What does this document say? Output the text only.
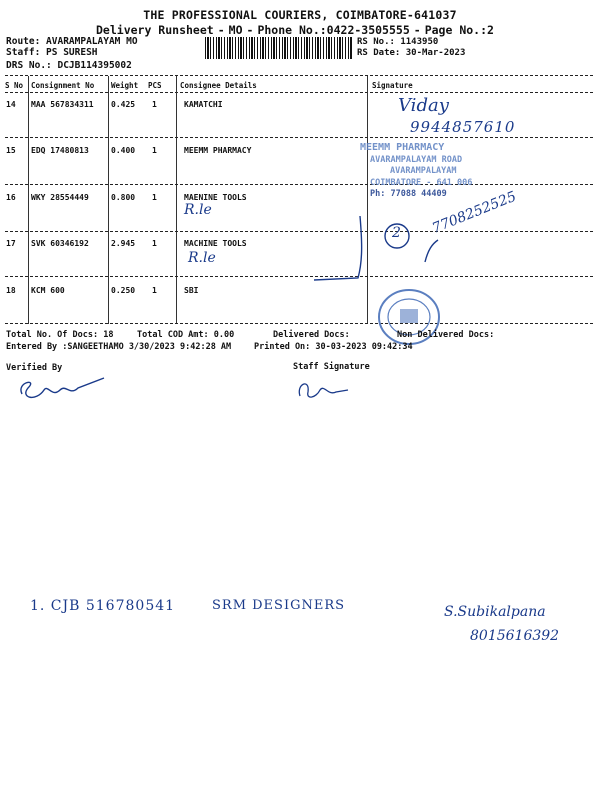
THE PROFESSIONAL COURIERS, COIMBATORE-641037
Delivery Runsheet - MO - Phone No.:0422-3505555 - Page No.:2
Route: AVARAMPALAYAM MO
Staff: PS SURESH
DRS No.: DCJB114395002
RS No.: 1143950
RS Date: 30-Mar-2023
S No Consignment No Weight PCS Consignee Details	Signature
14 MAA 567834311 0.425 1	KAMATCHI
15 EDQ 17480813	0.400 1	MEEMM PHARMACY
16 WKY 28554449	0.800 1	MAENINE TOOLS
17 SVK 60346192	2.945 1	MACHINE TOOLS
18 KCM 600	0.250 1	SBI
MEEMM PHARMACY
AVARAMPALAYAM ROAD
AVARAMPALAYAM
COIMBATORE - 641 006
Ph: 77088 44409
Vidaу
9944857610
R.le
R.le
7708252525
2
Total No. Of Docs: 18	Total COD Amt: 0.00	Delivered Docs:	Non Delivered Docs:
Entered By :SANGEETHAMO 3/30/2023 9:42:28 AM	Printed On: 30-03-2023 09:42:34
Verified By	Staff Signature
1. CJB 516780541	SRM DESIGNERS	S.Subikalpana
8015616392
